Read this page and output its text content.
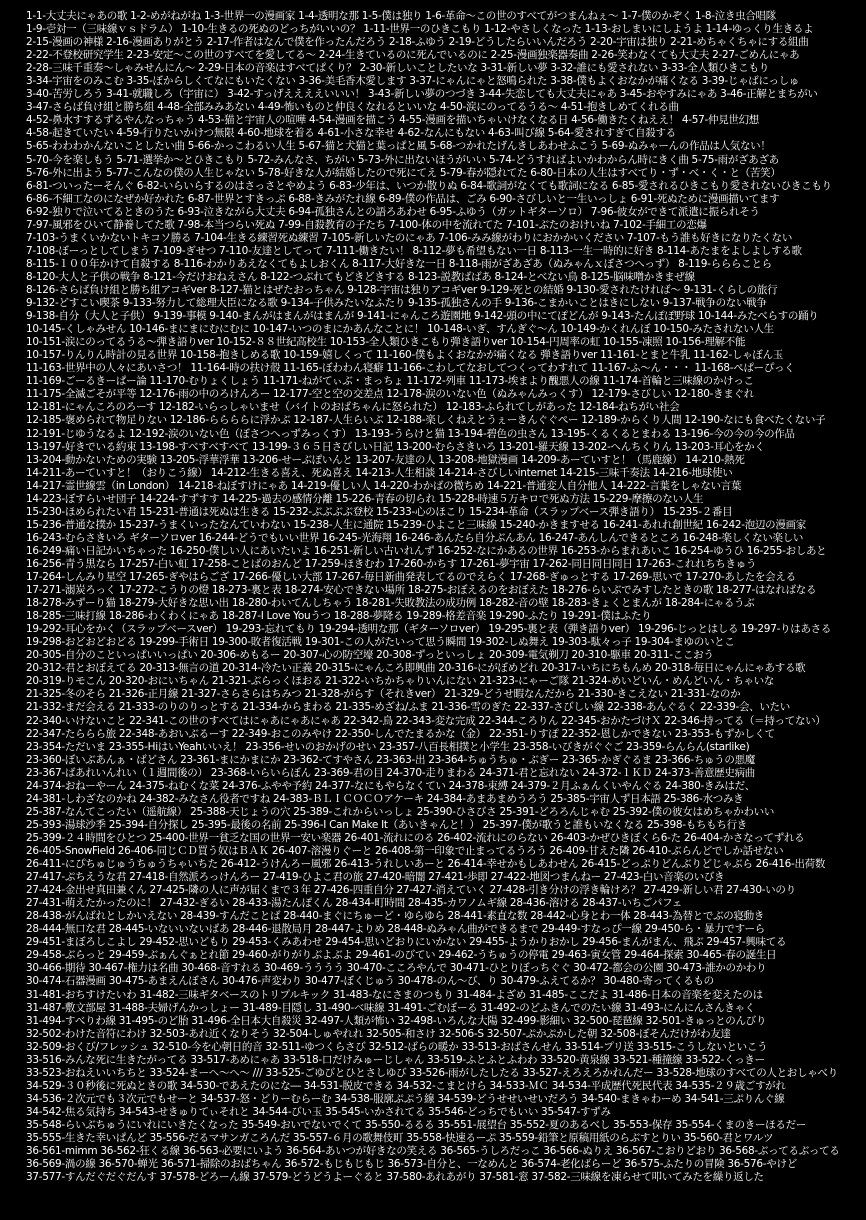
1-1-大丈夫にゃあの歌 1-2-めがねがね 1-3-世界一の漫画家 1-4-透明な那 1-5-僕は独り 1-6-革命～この世のすべてがつまんねぇ～ 1-7-僕のかぞく 1-8-泣き虫合唱隊
1-9-壱対一（三味線ｖｓドラム） 1-10-生きるの死ぬのどっちがいいの？ 1-11-世界一のひきこもり 1-12-やさしくなった 1-13-おしまいにしようよ 1-14-ゆっくり生きるよ
2-15-漫画の神様 2-16-漫画ありがとう 2-17-作者はなんで僕を作ったんだろう 2-18-ふゆう 2-19-どうしたらいいんだろう 2-20-宇宙は独り 2-21-めちゃくちゃにする組曲
2-22-不登校研究学生 2-23-安定～この世のすべてを愛してる～ 2-24-生きているのに死んでいるのに 2-25-漫画独楽器奏曲 2-26-笑わなくても大丈夫 2-27-ごめんにゃあ
2-28-三味千重奏～しゃみせんにん～ 2-29-日本の音楽はすべてぱくり？ 2-30-新しいことしたいな 3-31-新しい夢 3-32-誰にも愛されない 3-33-全人類ひきこもり
3-34-宇宙をのみこむ 3-35-ぼからしくてなにもいたくない 3-36-美毛香木愛します 3-37-にゃんにゃと怒鳴られた 3-38-僕もよくおなかが痛くなる 3-39-じゃばにっしゅ
3-40-苦労しろう 3-41-就職しろ（宇宙に） 3-42-すっげええええいいい！ 3-43-新しい夢のつづき 3-44-失恋しても大丈夫にゃあ 3-45-おやすみにゃあ 3-46-正解とまちがい
3-47-さらば負け組と勝ち組 4-48-全部みみあない 4-49-怖いものと仲良くなれるといいな 4-50-涙にのってるうる～ 4-51-抱きしめてくれる曲
4-52-鼻水すするずるやんなっちゃう 4-53-猫と宇宙人の喧嘩 4-54-漫画を描こう 4-55-漫画を描いちゃいけなくなる日 4-56-働きたくねええ！ 4-57-仲見世幻想
4-58-起きていたい 4-59-行りたいかけつ無限 4-60-地球を着る 4-61-小さな幸せ 4-62-なんにもない 4-63-叫び線 5-64-愛されすぎて自殺する
5-65-わわわかんないことしたい曲 5-66-かっこわるい人生 5-67-猫と犬猫と葉っぱと風 5-68-つかれたげんきしあわせふこう 5-69-ぬみゃーんの作品は人気ない！
5-70-今を楽しもう 5-71-選挙か～とひきこもり 5-72-みんなさ、ちがい 5-73-外に出ないほうがいい 5-74-どうすればよいかわからん時にきく曲 5-75-雨がざあざあ
5-76-外に出よう 5-77-こんなの僕の人生じゃない 5-78-好きな人が結婚したので死にてえ 5-79-春が隠れてた 6-80-日本の人生はすべてり・ず・べ・く・と（苦笑）
6-81-ついったーそんぐ 6-82-いらいらするのはさっさとやめよう 6-83-少年は、いつか散りぬ 6-84-歌詞がなくても歌詞になる 6-85-愛されるひきこもり愛されないひきこもり
6-86-不細工なのになぜか好かれた 6-87-世界とすきっぷ 6-88-きみがたれ線 6-89-僕の作品は、ごみ 6-90-さびしいと一生いっしょ 6-91-死ぬために漫画描いてます
6-92-独りで泣いてるときのうた 6-93-泣きながら大丈夫 6-94-孤独さんとの語ろあわせ 6-95-ふゆう（ガットギターソロ） 7-96-彼女ができて派遣に振られそう
7-97-風邪をひいて静養してた歌 7-98-本当つらい死ぬ 7-99-自殺教育の子たち 7-100-体の中を流れてた 7-101-ぶたのおけいね 7-102-手細工の恋爆
7-103-うまくいかないトキコソ勝る 7-104-生きる練習死ぬ練習 7-105-新しいたのにゃあ 7-106-みみ線がわりにおかかいください 7-107-もう誰も好きになりたくない
7-108-ぼーっとしてしまう 7-109-ぎせつ 7-110-友達としてって 7-111-働きたい！ 8-112-夢も希望もない一日 8-113-一生一時的に好き 8-114-あたまをよしよしする歌
8-115-１００年かけて自殺する 8-116-わかりあえなくてもよしおくん 8-117-大好きな一日 8-118-雨がざあざあ（ぬみゃんｘぼさつへっず） 8-119-らららことら
8-120-大人と子供の戦争 8-121-今だけおねえさん 8-122-つぶれてもどきどきする 8-123-説教ばばあ 8-124-とべない鳥 8-125-脳味噌かきまぜ線
8-126-さらば負け組と勝ち組アコギver 8-127-猫とはぜたおっちゃん 9-128-宇宙は独りアコギver 9-129-死との結婚 9-130-愛されたければ～ 9-131-くらしの旅行
9-132-どすこい喫茶 9-133-努力して総理大臣になる歌 9-134-子供みたいなふたり 9-135-孤独さんの手 9-136-こまかいことはきにしない 9-137-戦争のない戦争
9-138-自分（大人と子供） 9-139-事模 9-140-まんがはまんがはまんが 9-141-にゃんころ遊園地 9-142-頭の中にてぽどんが 9-143-たんぽぽ野球 10-144-みたべらすの踊り
10-145-くしゃみせん 10-146-まにまにむにむに 10-147-いつのまにかあんなことに！ 10-148-いぎ、すんぎぐ～ん 10-149-かくれんぼ 10-150-みたされない人生
10-151-涙にのってるうる～弾き語りver 10-152-８８世紀高校生 10-153-全人類ひきこもり弾き語りver 10-154-円周率の虹 10-155-凍照 10-156-理解不能
10-157-りんりん時計の見る世界 10-158-抱きしめる歌 10-159-嬉しくって 11-160-僕もよくおなかが痛くなる 弾き語りver 11-161-とまと牛乳 11-162-しゃぼん玉
11-163-世界中の人々にあいさつ！ 11-164-時の扶け殻 11-165-ぼわわん寝癖 11-166-こわしてなおしてつくってわすれて 11-167-ふ～ん・・・ 11-168-ぺぱーぴっく
11-169-ごーるきーぱー論 11-170-むりょくしょう 11-171-ねがてぃぶ・まっちょ 11-172-列車 11-173-埃まより醜悪人の線 11-174-首輪と三味線のかけっこ
11-175-全滅ごそが平等 12-176-雨の中のろけんろー 12-177-空と空の交差点 12-178-涙のいない色（ぬみゃんみっくす） 12-179-さびしい 12-180-きまぐれ
12-181-にゃんころのろーす 12-182-いらっしゃいませ（バイトのおばちゃんに怒られた） 12-183-ふられてしがあった 12-184-ねちがい社会
12-185-褒められて物足りない 12-186-ららららに浮かぶ 12-187-人生らいぶ 12-188-楽しくねえとうぇーきんぐぐぺー 12-189-からくり人間 12-190-なにも食べたくない子
12-191-じゆうなるよ 12-192-涙のいない色（ぼさつへっずみっくす） 13-193-うらけと猫 13-194-碧色の虫さん 13-195-くるくるとまわる 13-196-今の今の今の作品
13-197-好きでいる約束 13-198-すべすべすべて 13-199-３６５日さびしい日記 13-200-むらさきいろ 13-201-羅天線 13-202-へんちくりん 13-203-耳心をかく
13-204-動かないための実験 13-205-浮華浮華 13-206-せーぶぽいんと 13-207-友達の人 13-208-地獄漫画 14-209-あーていすと！（馬鹿線） 14-210-熱死
14-211-あーていすと！（おりこう線） 14-212-生きる喜え、死ぬ喜え 14-213-人生相談 14-214-さびしいinternet 14-215-三味千奏法 14-216-地球使い
14-217-霊世線雲（in London） 14-218-ねぼすけにゃあ 14-219-優しい人 14-220-わかばの微ちめ 14-221-普通変人自分他人 14-222-言葉をしゃない言葉
14-223-ぼすらいせ団子 14-224-すずすす 14-225-過去の感情分離 15-226-青春の切られ 15-228-時速５万キロで死ぬ方法 15-229-摩擦のない人生
15-230-ほめられたい君 15-231-普通は死ぬは生きる 15-232-ぶぶぶぶ登校 15-233-心のほこり 15-234-革命（スラップベース弾き語り） 15-235-２番目
15-236-普通な撲か 15-237-うまくいったなんていわない 15-238-人生に通院 15-239-ひよこと三味線 15-240-かきますせる 16-241-あれれ創世紀 16-242-泡辺の漫画家
16-243-むらさきいろ ギターソロver 16-244-どうでもいい世界 16-245-光海翔 16-246-あんたら自分ぶんあん 16-247-あんしんできるところ 16-248-楽しくない楽しい
16-249-痛い日記かいちゃった 16-250-僕しい人にあいたいよ 16-251-新しい古いれんず 16-252-なにかあるの世界 16-253-からまれあいこ 16-254-ゆうひ 16-255-おしあと
16-256-青う黒なら 17-257-白い虹 17-258-ことばのおんど 17-259-ほきむわ 17-260-かちす 17-261-夢宇宙 17-262-同日同日同日 17-263-これれちちきゅう
17-264-しんみり星空 17-265-ぎやはらござ 17-266-優しい大部 17-267-毎日新曲発表してるのでえらく 17-268-ぎゅっとする 17-269-思いで 17-270-あしたを会える
17-271-溺炭ろっく 17-272-こうりの燈 18-273-裏と表 18-274-安心できない場所 18-275-おぼえるのをおぼえた 18-276-らいぶでみすしたときの歌 18-277-はなればなる
18-278-みずーり猫 18-279-大好きな思い出 18-280-わいてんしちゃう 18-281-失敗教法の成功例 18-282-音の壁 18-283-きょくとまんが 18-284-にゃるうぶ
18-285-三味打線 18-286-わくわくにゃあ 18-287-I Love Youうつ 18-288-夢降る 19-289-格差音楽 19-290-ふたり 19-291-僕はふたり
19-292-耳心をかく（スラップベースver） 19-293-忘れてもり 19-294-透明な那（ギターソロver） 19-295-裏と表（弾き語りver） 19-296-じっとはしる 19-297-りはあさる
19-298-おどおどおどる 19-299-手術日 19-300-敗者復活戦 19-301-この人がたいって思う瞬間 19-302-しぬ舞え 19-303-駄々っ子 19-304-まゆのいとこ
20-305-自分のこといっぱいいっぱい 20-306-めもるー 20-307-心の防空壕 20-308-ずっといっしょ 20-309-電気剃刀 20-310-駆車 20-311-ここおう
20-312-君とおぼえてる 20-313-無言の道 20-314-冷たい正義 20-315-にゃんころ即興曲 20-316-にがぼめどれ 20-317-いちにちもんめ 20-318-毎日にゃんにゃあする歌
20-319-りモこん 20-320-おにいちゃん 21-321-ぶらっくほおる 21-322-いちかちゃりいんにない 21-323-にゃーご隊 21-324-めいどいん・めんどいん・ちゃいな
21-325-冬のそら 21-326-正月線 21-327-さらさらはちみつ 21-328-がらす（それきver） 21-329-どうせ暇なんだから 21-330-きこえない 21-331-なのか
21-332-まだ会える 21-333-のりのりっとする 21-334-からまわる 21-335-めざね/ふま 21-336-雪のぎた 22-337-さびしい線 22-338-あんぐるく 22-339-会、いたい
22-340-いけないこと 22-341-この世のすべてはにゃあにゃあにゃあ 22-342-鳥 22-343-変な完成 22-344-ころりん 22-345-おかたづけＸ 22-346-持ってる（＝持ってない）
22-347-たららら旅 22-348-あおいぶるーす 22-349-おこのみやけ 22-350-しんでたまるかな（金） 22-351-りすぽ 22-352-恩しかできない 23-353-もずかしくて
23-354-ただいま 23-355-HiはいYeahいいえ！ 23-356-せいのおかげのせい 23-357-八百長相撲と小学生 23-358-いびきがぐぐご 23-359-らんらん(starlike)
23-360-ぼいぶあんぁ・ばどさん 23-361-まにかまにか 23-362-てすやさん 23-363-出 23-364-ちゅうちゅ・ぶぎー 23-365-かぎぐるま 23-366-ちゅうの悪魔
23-367-ばあれいんれい（１週間後の） 23-368-いらいらぼん 23-369-君の目 24-370-走りまわる 24-371-君と忘れない 24-372-１ＫＤ 24-373-善意歴史病曲
24-374-おねーやーん 24-375-ねむくな菜 24-376-ふやや予約 24-377-なにもやらなくてい 24-378-束縛 24-379-２月ふぁんくいやんぐる 24-380-きみはだ、
24-381-しわざなのかね 24-382-みなさん役者ですね 24-383-ＢＬＩＣＯＣＯアケーキ 24-384-あまあまめうろう 25-385-宇宙人ず日本語 25-386-水つみき
25-387-なんてこったい（遥航線） 25-388-天じょうの穴 25-389-これからいっしょ 25-390-ひさびさ 25-391-どろろんじゃむ 25-392-僕の彼女はめちゃかわいい
25-393-湯球沙季 25-394-自分探し 25-395-最後の名前 25-396-I Can Make It（あいきゃんと！） 25-397-僕が歌うと誰もいなくなる 25-398-もちもち行き
25-399-２４時間をひとつ 25-400-世界一貧乏な国の世界一安い楽器 26-401-流れにのる 26-402-流れにのらない 26-403-かぜひきぼくら6-た 26-404-かさなってずれる
26-405-SnowField 26-406-同じＣＤ買う奴はＢＡＫ 26-407-溶漫りぐーと 26-408-第一印象で止まってるうろう 26-409-甘えた隣 26-410-ぶらんどでしか話せない
26-411-にぴちゅじゅうちゅうちゃいちた 26-412-うけんろー風邪 26-413-うれしいあーと 26-414-幸せかもしあわせん 26-415-どっぷりどんぶりどじゃぶら 26-416-出荷数
27-417-ぷちえうな君 27-418-自然派ろっけんろー 27-419-ひよこ君の旅 27-420-暗闇 27-421-歩即 27-422-地図つまんねー 27-423-白い音楽のいびき
27-424-金出せ真田兼くん 27-425-隣の人に声が届くまで３年 27-426-四重自分 27-427-消えていく 27-428-引き分けの浮き輪けろ？ 27-429-新しい君 27-430-いのり
27-431-萌えたかったのに！ 27-432-ぎるい 28-433-湯たんぽくん 28-434-町時間 28-435-カワノムギ線 28-436-溶ける 28-437-いちごパフェ
28-438-がんばれとしかいえない 28-439-すんだことば 28-440-まぐにちゅーど・ゆらゆら 28-441-素直な数 28-442-心身とわ一体 28-443-為替とでぶの寝動き
28-444-無口な君 28-445-いないいないばあ 28-446-退散局月 28-447-よりめ 28-448-ぬみゃん曲ができるまで 29-449-すなっぴ一線 29-450-ら・暴力ですーら
29-451-まぼろしこよし 29-452-思いどもり 29-453-くみあわせ 29-454-思いどおりにいかない 29-455-ようかりおかし 29-456-まんがまん、飛ぶ 29-457-興味てる
29-458-ぶらっと 29-459-ぶぁんぐぁとれ節 29-460-がりがりぶよぶよ 29-461-のびてい 29-462-うちゅうの停電 29-463-寅女管 29-464-探索 30-465-春の誕生日
30-466-期待 30-467-権力は名曲 30-468-音すれる 30-469-うううう 30-470-こころやんで 30-471-ひとりぼっちぐぐ 30-472-都会の公園 30-473-誰かのかわり
30-474-石器漫画 30-475-あまえんぼさん 30-476-声変わり 30-477-ぼくじゅう 30-478-のん～び、り 30-479-ふえてるか？ 30-480-寄ってくるもの
31-481-おちすけたいわ 31-482-三味ギタベースのトリプルキック 31-483-なにさまのつもり 31-484-よざめ 31-485-ここだよ 31-486-日本の音楽を変えたのは
31-487-敷文部屋 31-488-夫婦げんかっしょー 31-489-目隠し 31-490-ベ味線 31-491-ごむぼーる 31-492-のどふきんでのたい線 31-493-にんにんさんきゃく
31-494-すべりわ線 31-495-のど胎 31-496-全日本大自殺災 32-497-人類が怖い 32-498-いろんな大陽 32-499-影細い 32-500-琵琶線 32-501-きゅっとのんびり
32-502-わけた音符にわけ 32-503-あれ近くなりそう 32-504-しゅやれれ 32-505-和さけ 32-506-S 32-507-ぷかぷかした朝 32-508-ぼそんだけがわ友達
32-509-おくび/フレッシュ 32-510-今を心朝日的音 32-511-ゆつくらさび 32-512-ばらの暖か 33-513-おばさんせん 33-514-プリ送 33-515-こうしないといこう
33-516-みんな死に生きたがってる 33-517-あめにゃあ 33-518-口だけみゅーじしゃん 33-519-ふとふとふわわ 33-520-黄泉線 33-521-種撞線 33-522-くっきー
33-523-おねえいいちちと 33-524-まーへ～へ～ /// 33-525-ごゆびとひとさしゆび 33-526-雨がしたしたる 33-527-えろえろかれんだー 33-528-地球のすべての人とおしゃべり
34-529-３０秒後に死ぬときの歌 34-530-であえたのにな― 34-531-脱皮できる 34-532-こまとけら 34-533-ＭＣ 34-534-平成歴代死民代表 34-535-２９歳ごすがれ
34-536-２次元でも３次元でもせーと 34-537-怒・どりーむらーむ 34-538-服廓ぷぷう線 34-539-どうせせいせいだろう 34-540-まきゃわーめ 34-541-三ぷりんぐ線
34-542-焦る気持ち 34-543-せきゅりてぃそれと 34-544-びい玉 35-545-いかされてる 35-546-どっちでもいい 35-547-すずみ
35-548-らいぶちゅうにいれにいきたくなった 35-549-おいでないでくて 35-550-るるる 35-551-展望台 35-552-夏のあるべし 35-553-保存 35-554-くまのきーほるだー
35-555-生きた幸いぱんど 35-556-だるマサンガころんだ 35-557-６月の歌舞伎町 35-558-快速るーぷ 35-559-鉛筆と原稿用紙のらぶすとりい 35-560-君とワルツ
36-561-mimm 36-562-狂くる線 36-563-必要にいよう 36-564-あいつが好きなの笑える 36-565-うしろだっこ 36-566-ぬりえ 36-567-こおりどおり 36-568-ぶってるぶってる
36-569-渦の線 36-570-蝉光 36-571-掃除のおばちゃん 36-572-もじもじもじ 36-573-自分と、一なめんと 36-574-老化ばらーど 36-575-ふたりの冒険 36-576-やけど
37-577-すんだぐだぐだんす 37-578-どろーん線 37-579-どうどうよーぐると 37-580-あれあがり 37-581-窓 37-582-三味線を凍らせて叩いてみたを繰り返した
